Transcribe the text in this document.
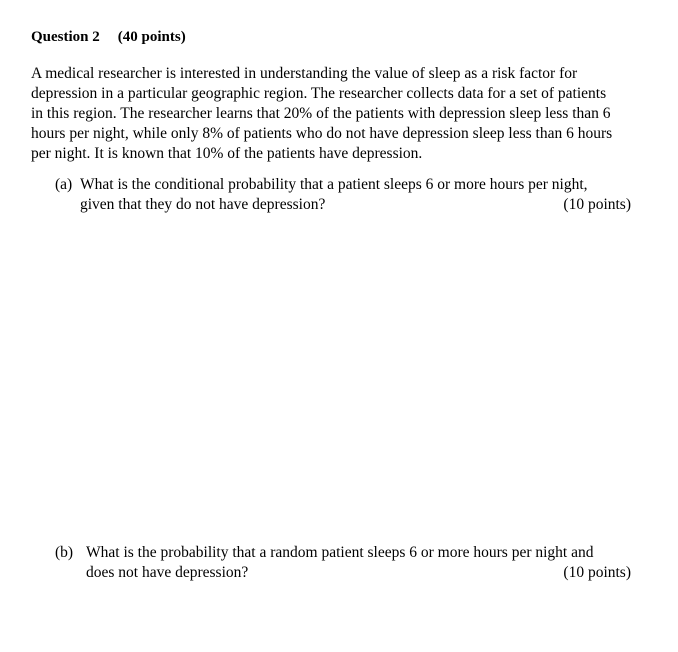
Question 2 (40 points)
A medical researcher is interested in understanding the value of sleep as a risk factor for
depression in a particular geographic region. The researcher collects data for a set of patients
in this region. The researcher learns that 20% of the patients with depression sleep less than 6
hours per night, while only 8% of patients who do not have depression sleep less than 6 hours
per night. It is known that 10% of the patients have depression.
(a) What is the conditional probability that a patient sleeps 6 or more hours per night,
given that they do not have depression?	(10 points)
(b) What is the probability that a random patient sleeps 6 or more hours per night and
does not have depression?	(10 points)
